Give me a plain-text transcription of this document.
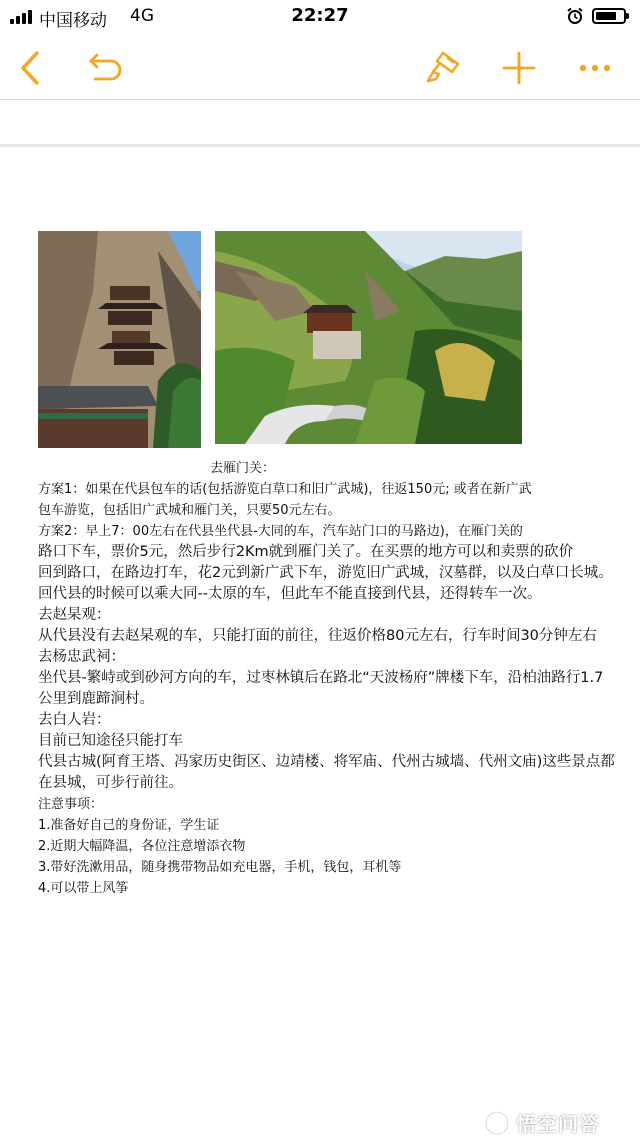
中国移动 4G	22:27
去雁门关：
方案1：如果在代县包车的话(包括游览白草口和旧广武城)，往返150元; 或者在新广武
包车游览，包括旧广武城和雁门关，只要50元左右。
方案2：早上7：00左右在代县坐代县-大同的车，汽车站门口的马路边)，在雁门关的
路口下车，票价5元，然后步行2Km就到雁门关了。在买票的地方可以和卖票的砍价
回到路口，在路边打车，花2元到新广武下车，游览旧广武城，汉墓群，以及白草口长城。
回代县的时候可以乘大同--太原的车，但此车不能直接到代县，还得转车一次。
去赵杲观：
从代县没有去赵杲观的车，只能打面的前往，往返价格80元左右，行车时间30分钟左右
去杨忠武祠：
坐代县-繁峙或到砂河方向的车，过枣林镇后在路北“天波杨府”牌楼下车，沿柏油路行1.7
公里到鹿蹄涧村。
去白人岩：
目前已知途径只能打车
代县古城(阿育王塔、冯家历史街区、边靖楼、将军庙、代州古城墙、代州文庙)这些景点都
在县城，可步行前往。
注意事项：
1.准备好自己的身份证，学生证
2.近期大幅降温，各位注意增添衣物
3.带好洗漱用品，随身携带物品如充电器，手机，钱包，耳机等
4.可以带上风筝
悟空问答
